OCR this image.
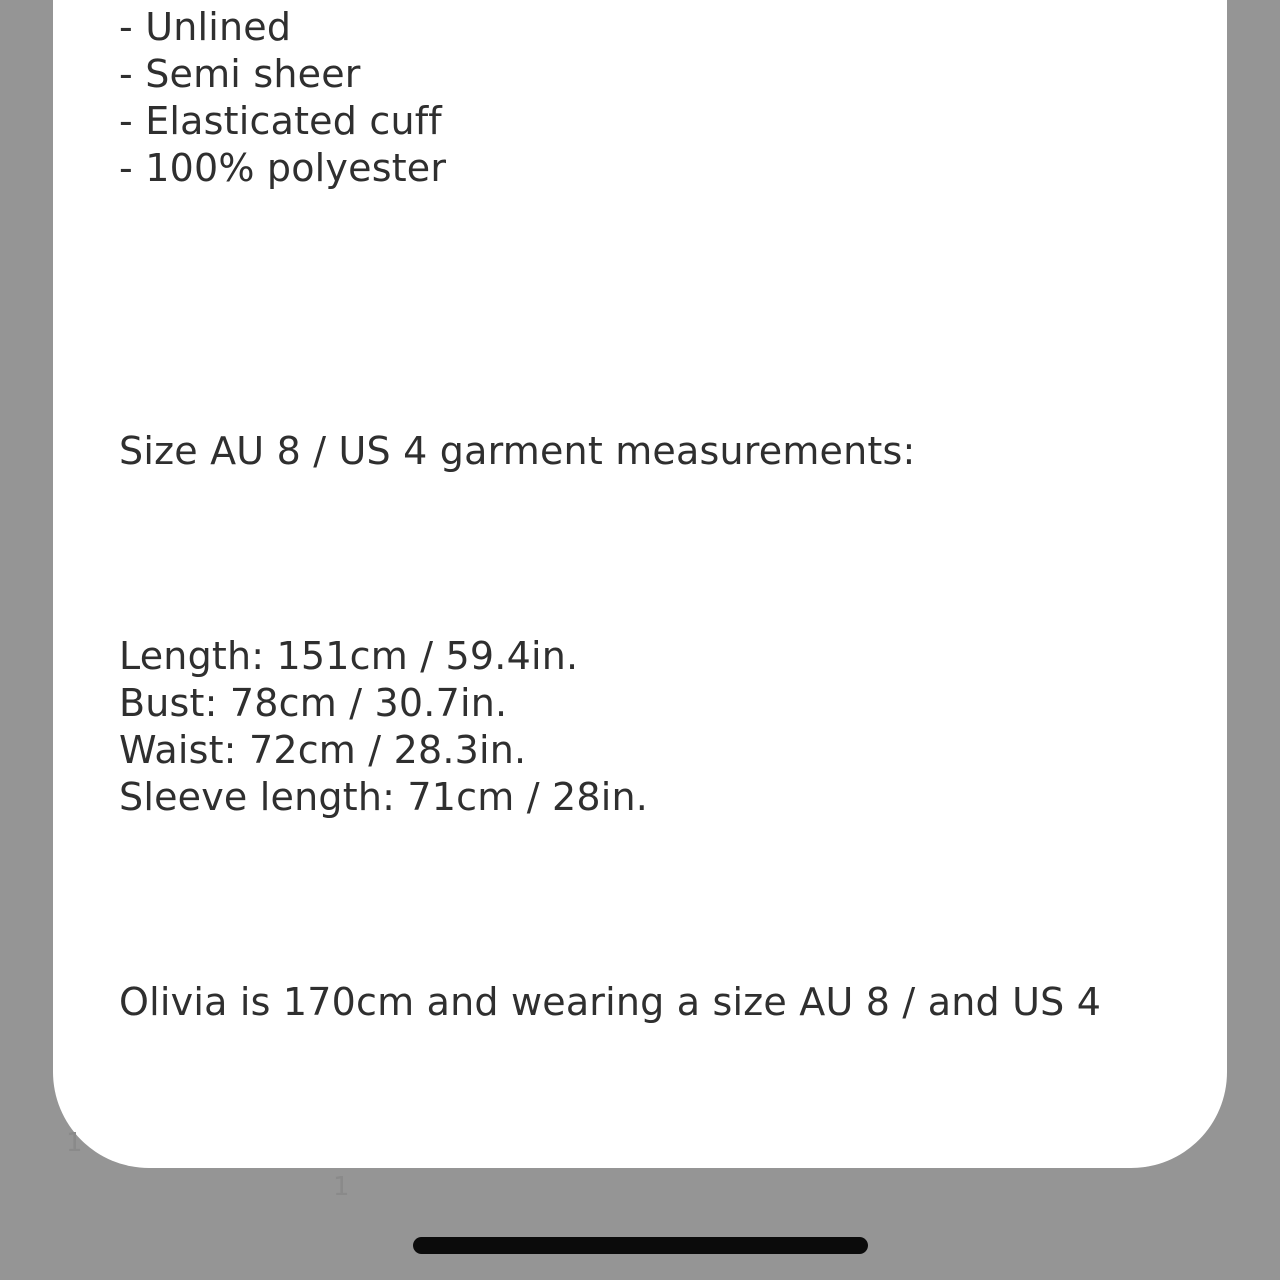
1
1

- Unlined

- Semi sheer

- Elasticated cuff

- 100% polyester

Size AU 8 / US 4 garment measurements:

Length: 151cm / 59.4in.

Bust: 78cm / 30.7in.

Waist: 72cm / 28.3in.

Sleeve length: 71cm / 28in.

Olivia is 170cm and wearing a size AU 8 / and US 4
